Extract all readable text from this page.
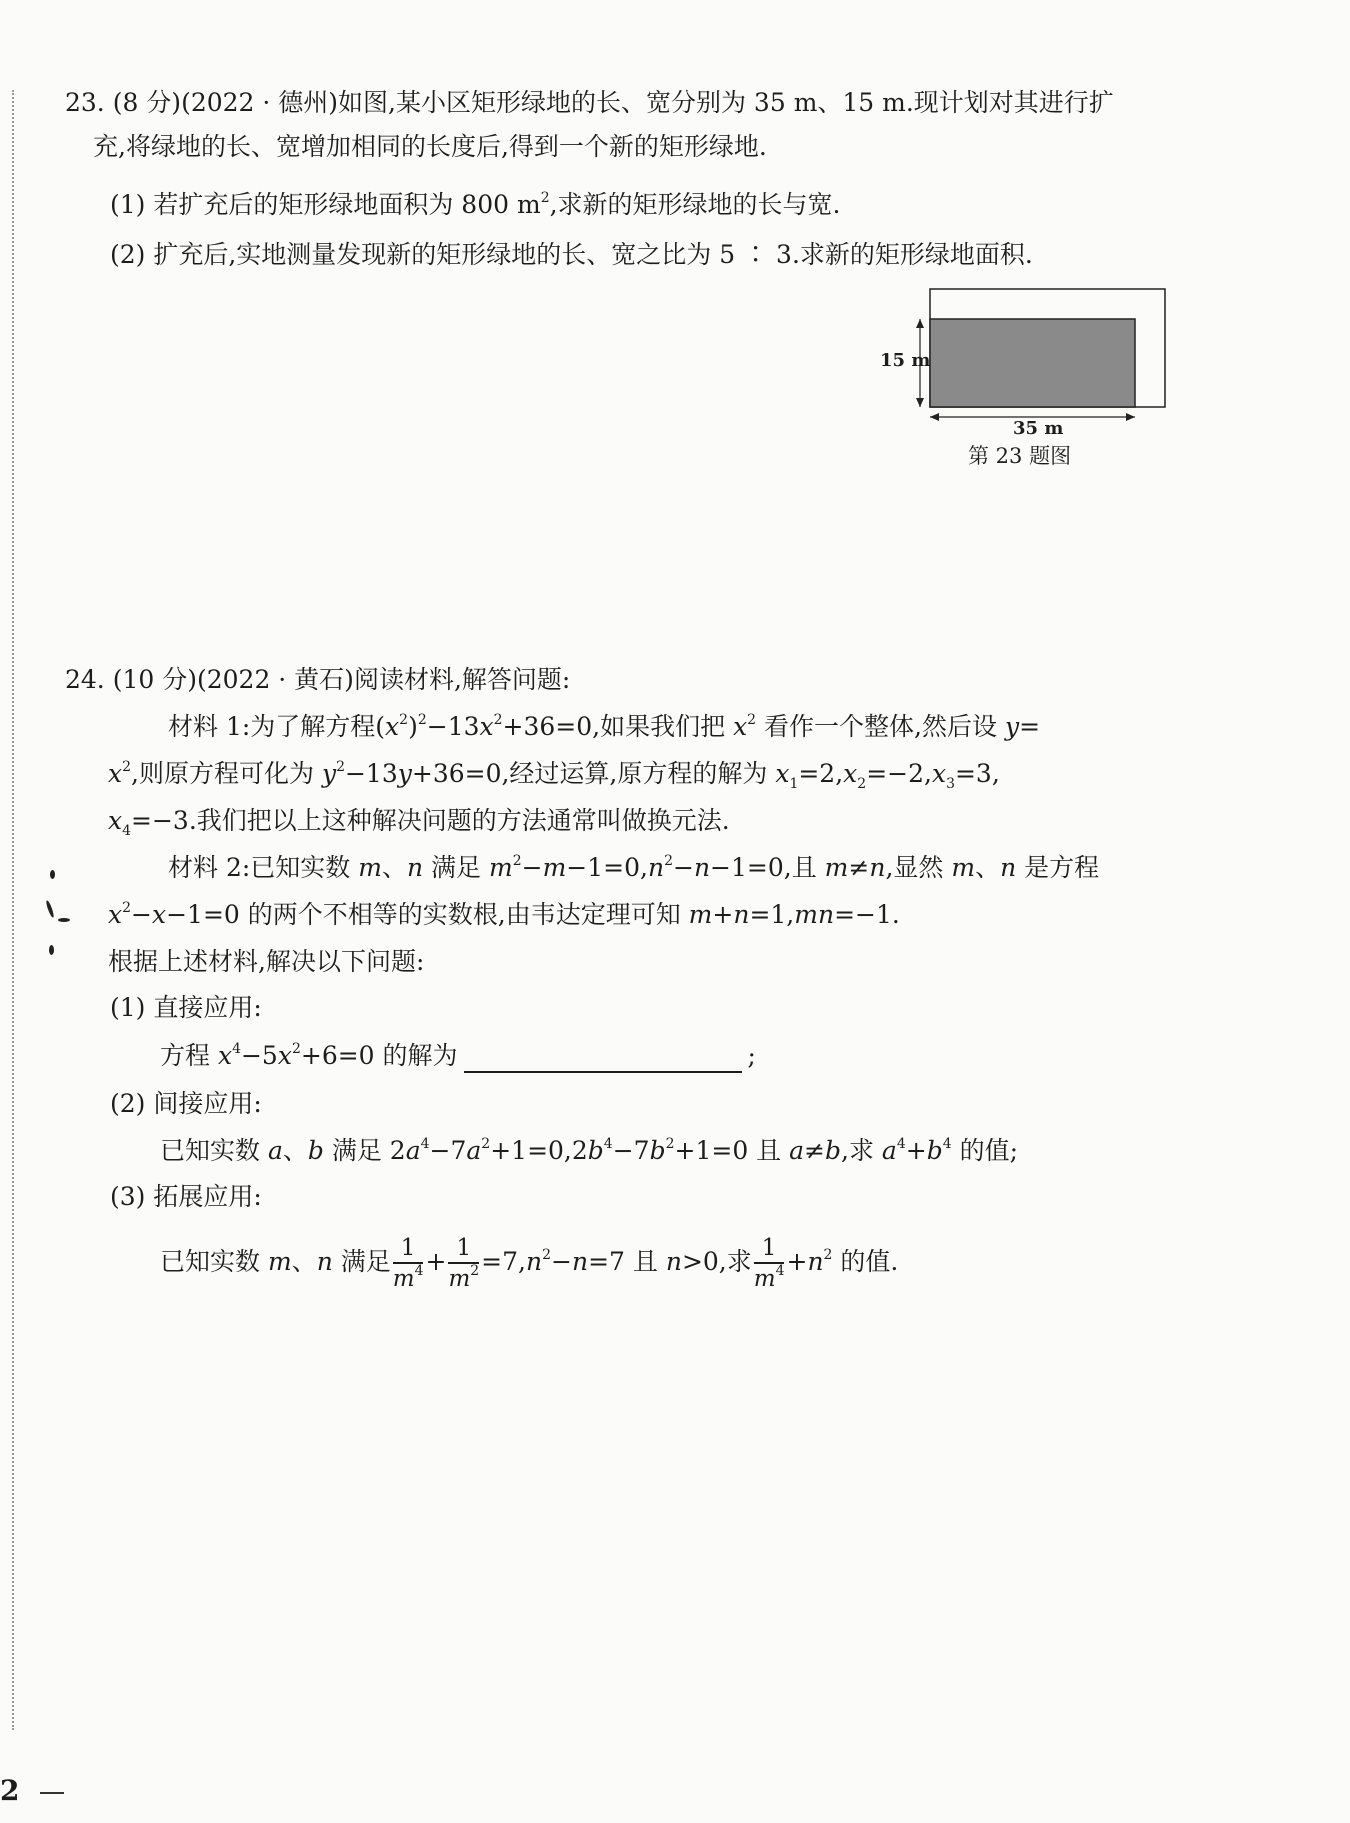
23. (8 分)(2022 · 德州)如图,某小区矩形绿地的长、宽分别为 35 m、15 m.现计划对其进行扩
充,将绿地的长、宽增加相同的长度后,得到一个新的矩形绿地.
(1) 若扩充后的矩形绿地面积为 800 $m^2$,求新的矩形绿地的长与宽.
(2) 扩充后,实地测量发现新的矩形绿地的长、宽之比为 5 ∶ 3.求新的矩形绿地面积.
15 m
35 m
第 23 题图
24. (10 分)(2022 · 黄石)阅读材料,解答问题:
材料 1:为了解方程$(x^2)^2-13x^2+36=0$,如果我们把 $x^2$ 看作一个整体,然后设 y=
$x^2$,则原方程可化为 $y^2-13y+36=0$,经过运算,原方程的解为 $x_1=2,x_2=-2,x_3=3$,
$x_4=-3$.我们把以上这种解决问题的方法通常叫做换元法.
材料 2:已知实数 m、n 满足 $m^2-m-1=0,n^2-n-1=0$,且 m≠n,显然 m、n 是方程
$x^2-x-1=0$ 的两个不相等的实数根,由韦达定理可知 m+n=1,mn=−1.
根据上述材料,解决以下问题:
(1) 直接应用:
方程 $x^4-5x^2+6=0$ 的解为	;
(2) 间接应用:
已知实数 a、b 满足 $2a^4-7a^2+1=0,2b^4-7b^2+1=0$ 且 a≠b,求 $a^4+b^4$ 的值;
(3) 拓展应用:
已知实数 m、n 满足 $\frac{1}{m^4} + \frac{1}{m^2} =7,n^2-n=7$ 且 n>0,求 $\frac{1}{m^4} +n^2$ 的值.
2
